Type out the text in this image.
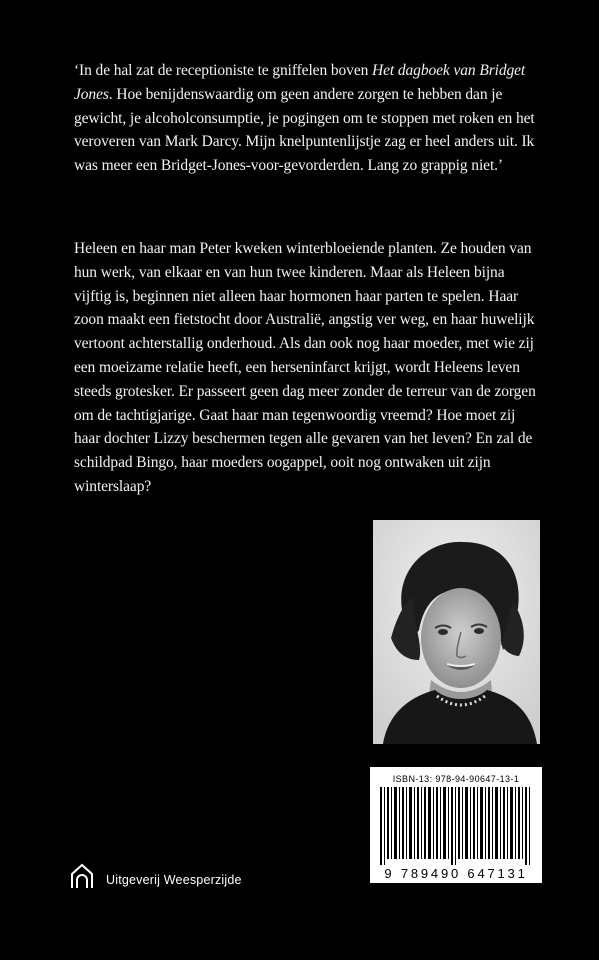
‘In de hal zat de receptioniste te gniffelen boven Het dagboek van Bridget Jones. Hoe benijdenswaardig om geen andere zorgen te hebben dan je gewicht, je alcoholconsumptie, je pogingen om te stoppen met roken en het veroveren van Mark Darcy. Mijn knelpuntenlijstje zag er heel anders uit. Ik was meer een Bridget-Jones-voor-gevorderden. Lang zo grappig niet.’

Heleen en haar man Peter kweken winterbloeiende planten. Ze houden van hun werk, van elkaar en van hun twee kinderen. Maar als Heleen bijna vijftig is, beginnen niet alleen haar hormonen haar parten te spelen. Haar zoon maakt een fietstocht door Australië, angstig ver weg, en haar huwelijk vertoont achterstallig onderhoud. Als dan ook nog haar moeder, met wie zij een moeizame relatie heeft, een herseninfarct krijgt, wordt Heleens leven steeds grotesker. Er passeert geen dag meer zonder de terreur van de zorgen om de tachtigjarige. Gaat haar man tegenwoordig vreemd? Hoe moet zij haar dochter Lizzy beschermen tegen alle gevaren van het leven? En zal de schildpad Bingo, haar moeders oogappel, ooit nog ontwaken uit zijn winterslaap?

ISBN-13: 978-94-90647-13-1
9 789490 647131
Uitgeverij Weesperzijde
